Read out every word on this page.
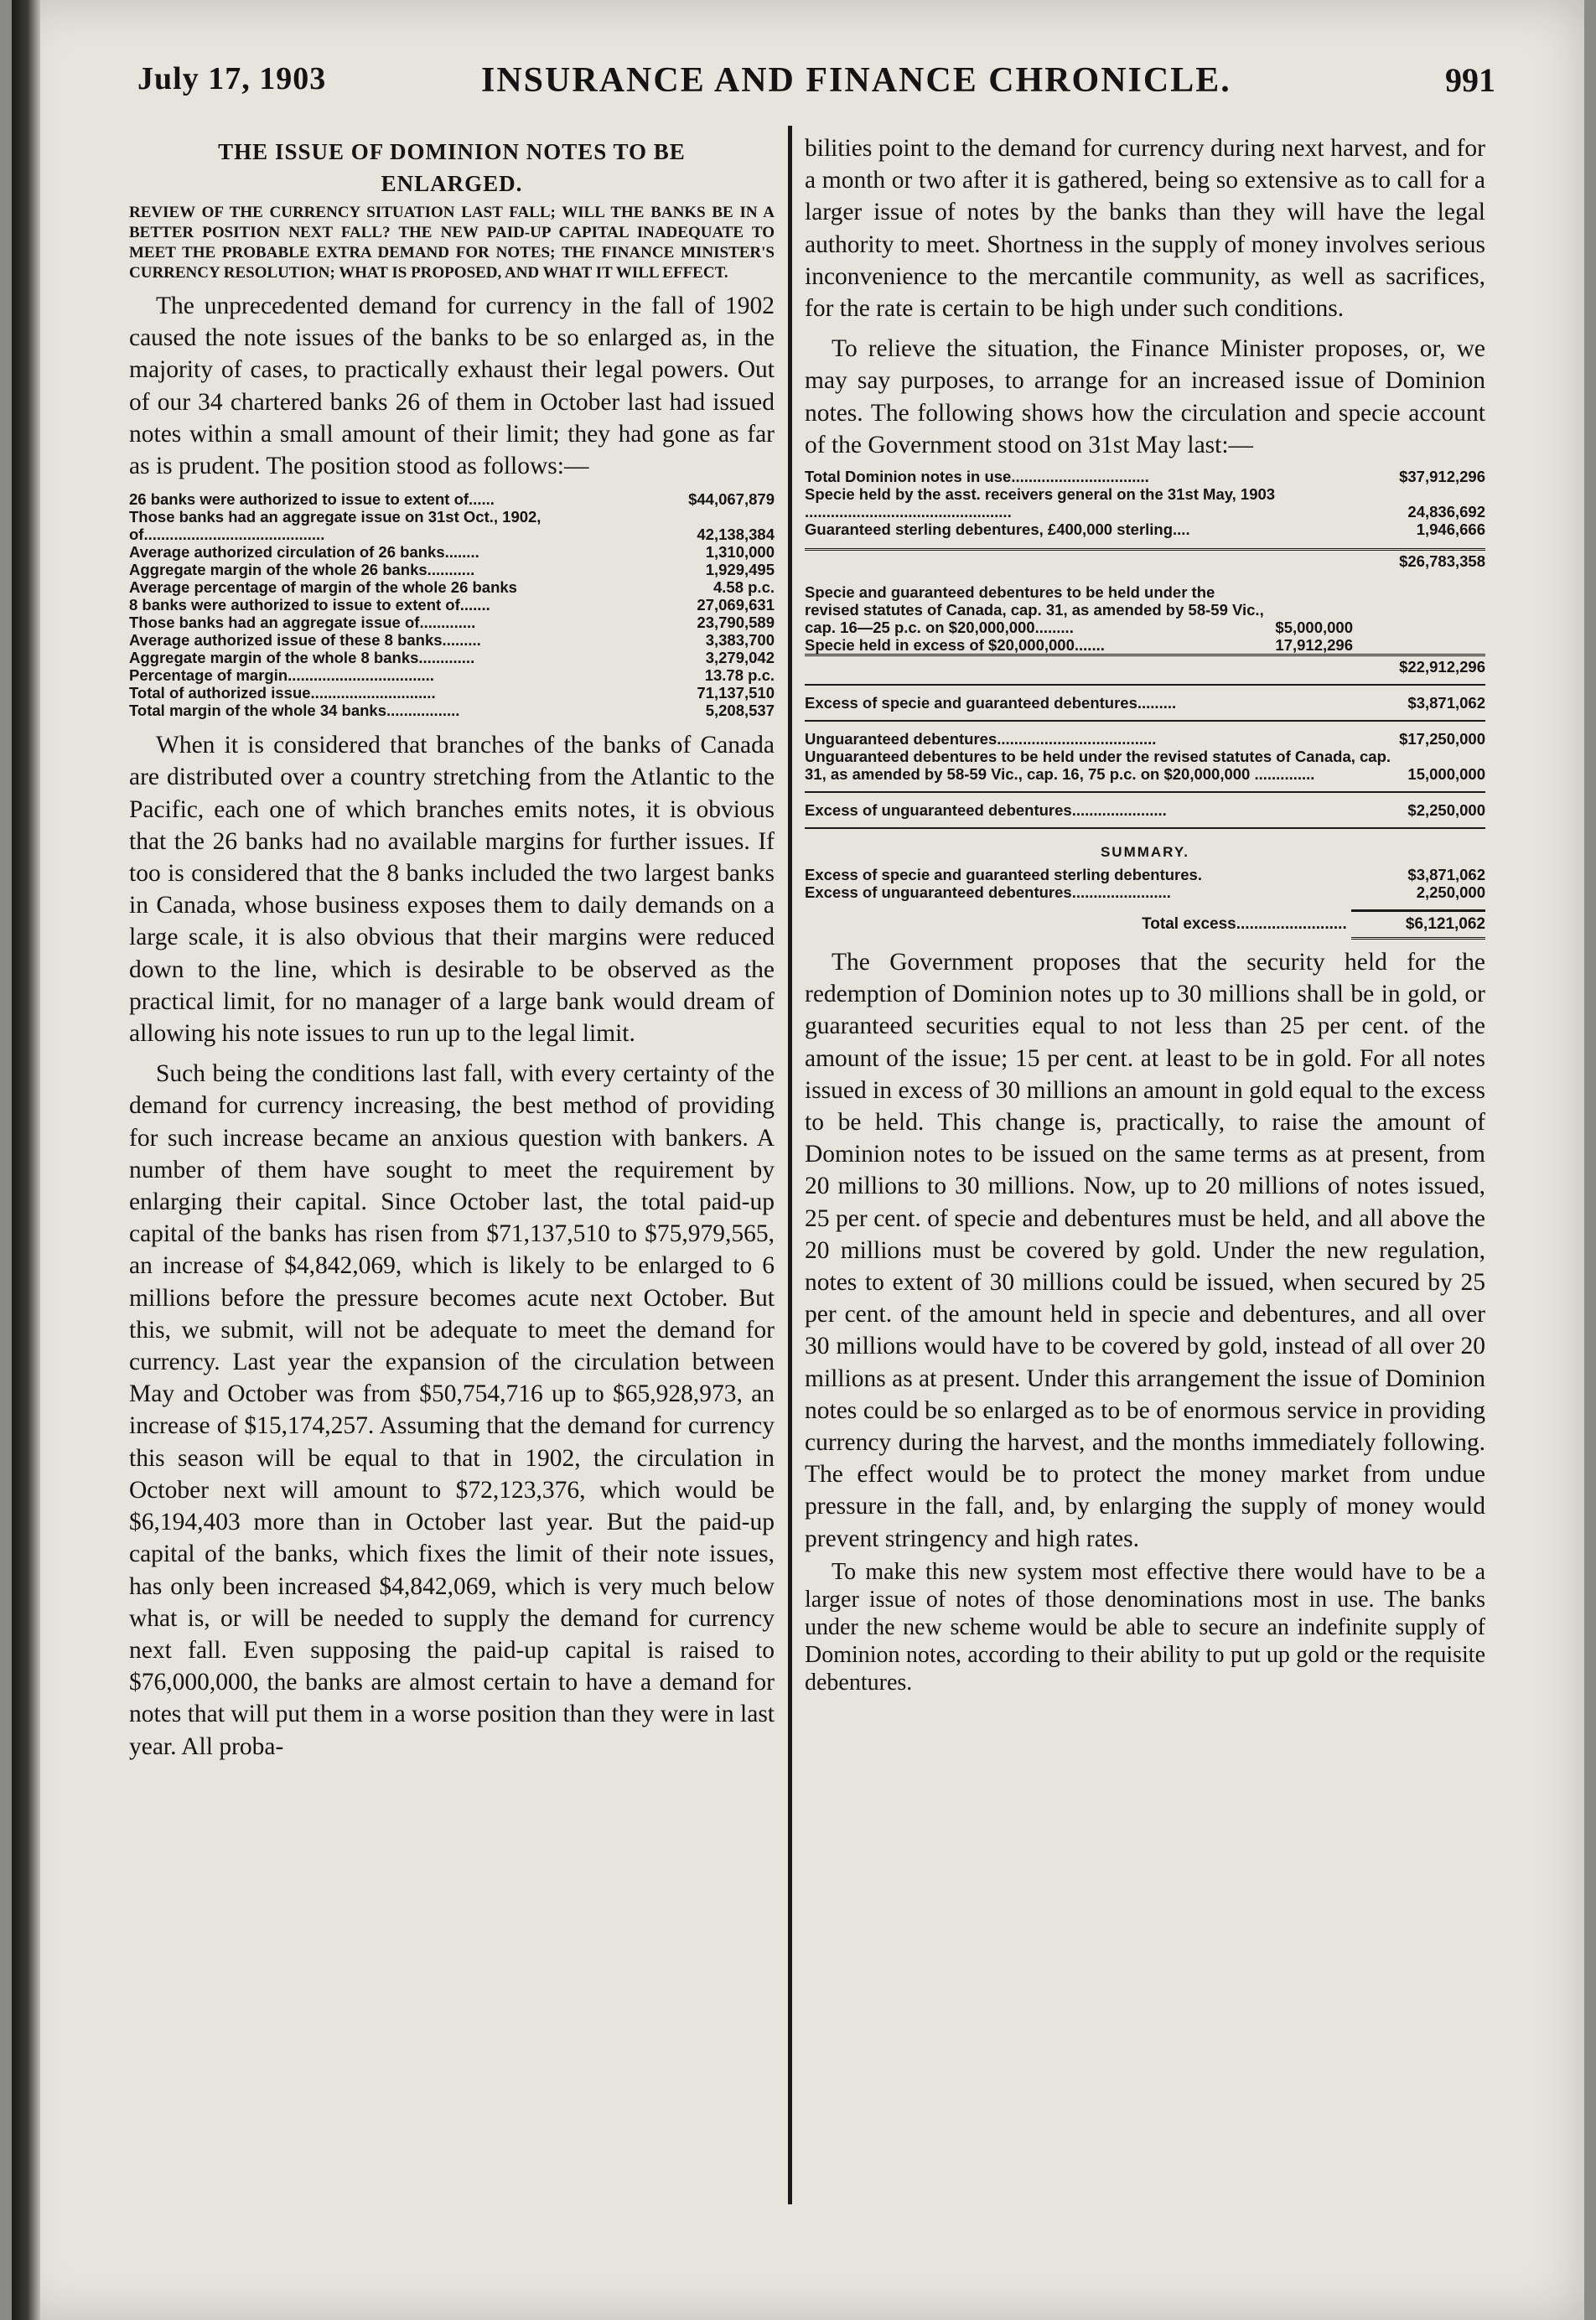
July 17, 1903	INSURANCE AND FINANCE CHRONICLE.	991
THE ISSUE OF DOMINION NOTES TO BE
ENLARGED.
REVIEW OF THE CURRENCY SITUATION LAST FALL; WILL THE BANKS BE IN A BETTER POSITION NEXT FALL? THE NEW PAID-UP CAPITAL INADEQUATE TO MEET THE PROBABLE EXTRA DEMAND FOR NOTES; THE FINANCE MINISTER'S CURRENCY RESOLUTION; WHAT IS PROPOSED, AND WHAT IT WILL EFFECT.

The unprecedented demand for currency in the fall of 1902 caused the note issues of the banks to be so enlarged as, in the majority of cases, to practically exhaust their legal powers. Out of our 34 chartered banks 26 of them in October last had issued notes within a small amount of their limit; they had gone as far as is prudent. The position stood as follows:—

26 banks were authorized to issue to extent of......	$44,067,879
Those banks had an aggregate issue on 31st Oct., 1902, of..........................................	42,138,384
Average authorized circulation of 26 banks........	1,310,000
Aggregate margin of the whole 26 banks...........	1,929,495
Average percentage of margin of the whole 26 banks	4.58 p.c.
8 banks were authorized to issue to extent of.......	27,069,631
Those banks had an aggregate issue of.............	23,790,589
Average authorized issue of these 8 banks.........	3,383,700
Aggregate margin of the whole 8 banks.............	3,279,042
Percentage of margin..................................	13.78 p.c.
Total of authorized issue.............................	71,137,510
Total margin of the whole 34 banks.................	5,208,537

When it is considered that branches of the banks of Canada are distributed over a country stretching from the Atlantic to the Pacific, each one of which branches emits notes, it is obvious that the 26 banks had no available margins for further issues. If too is considered that the 8 banks included the two largest banks in Canada, whose business exposes them to daily demands on a large scale, it is also obvious that their margins were reduced down to the line, which is desirable to be observed as the practical limit, for no manager of a large bank would dream of allowing his note issues to run up to the legal limit.

Such being the conditions last fall, with every certainty of the demand for currency increasing, the best method of providing for such increase became an anxious question with bankers. A number of them have sought to meet the requirement by enlarging their capital. Since October last, the total paid-up capital of the banks has risen from $71,137,510 to $75,979,565, an increase of $4,842,069, which is likely to be enlarged to 6 millions before the pressure becomes acute next October. But this, we submit, will not be adequate to meet the demand for currency. Last year the expansion of the circulation between May and October was from $50,754,716 up to $65,928,973, an increase of $15,174,257. Assuming that the demand for currency this season will be equal to that in 1902, the circulation in October next will amount to $72,123,376, which would be $6,194,403 more than in October last year. But the paid-up capital of the banks, which fixes the limit of their note issues, has only been increased $4,842,069, which is very much below what is, or will be needed to supply the demand for currency next fall. Even supposing the paid-up capital is raised to $76,000,000, the banks are almost certain to have a demand for notes that will put them in a worse position than they were in last year. All proba-

bilities point to the demand for currency during next harvest, and for a month or two after it is gathered, being so extensive as to call for a larger issue of notes by the banks than they will have the legal authority to meet. Shortness in the supply of money involves serious inconvenience to the mercantile community, as well as sacrifices, for the rate is certain to be high under such conditions.

To relieve the situation, the Finance Minister proposes, or, we may say purposes, to arrange for an increased issue of Dominion notes. The following shows how the circulation and specie account of the Government stood on 31st May last:—

Total Dominion notes in use................................	$37,912,296
Specie held by the asst. receivers general on the 31st May, 1903 ................................................	24,836,692
Guaranteed sterling debentures, £400,000 sterling....	1,946,666
	$26,783,358
Specie and guaranteed debentures to be held under the revised statutes of Canada, cap. 31, as amended by 58-59 Vic., cap. 16—25 p.c. on $20,000,000.........	$5,000,000	
Specie held in excess of $20,000,000.......	17,912,296	
		$22,912,296
Excess of specie and guaranteed debentures.........	$3,871,062
Unguaranteed debentures.....................................	$17,250,000
Unguaranteed debentures to be held under the revised statutes of Canada, cap. 31, as amended by 58-59 Vic., cap. 16, 75 p.c. on $20,000,000 ..............	15,000,000
Excess of unguaranteed debentures......................	$2,250,000
SUMMARY.
Excess of specie and guaranteed sterling debentures.	$3,871,062
Excess of unguaranteed debentures.......................	2,250,000
Total excess.........................	$6,121,062

The Government proposes that the security held for the redemption of Dominion notes up to 30 millions shall be in gold, or guaranteed securities equal to not less than 25 per cent. of the amount of the issue; 15 per cent. at least to be in gold. For all notes issued in excess of 30 millions an amount in gold equal to the excess to be held. This change is, practically, to raise the amount of Dominion notes to be issued on the same terms as at present, from 20 millions to 30 millions. Now, up to 20 millions of notes issued, 25 per cent. of specie and debentures must be held, and all above the 20 millions must be covered by gold. Under the new regulation, notes to extent of 30 millions could be issued, when secured by 25 per cent. of the amount held in specie and debentures, and all over 30 millions would have to be covered by gold, instead of all over 20 millions as at present. Under this arrangement the issue of Dominion notes could be so enlarged as to be of enormous service in providing currency during the harvest, and the months immediately following. The effect would be to protect the money market from undue pressure in the fall, and, by enlarging the supply of money would prevent stringency and high rates.

To make this new system most effective there would have to be a larger issue of notes of those denominations most in use. The banks under the new scheme would be able to secure an indefinite supply of Dominion notes, according to their ability to put up gold or the requisite debentures.
